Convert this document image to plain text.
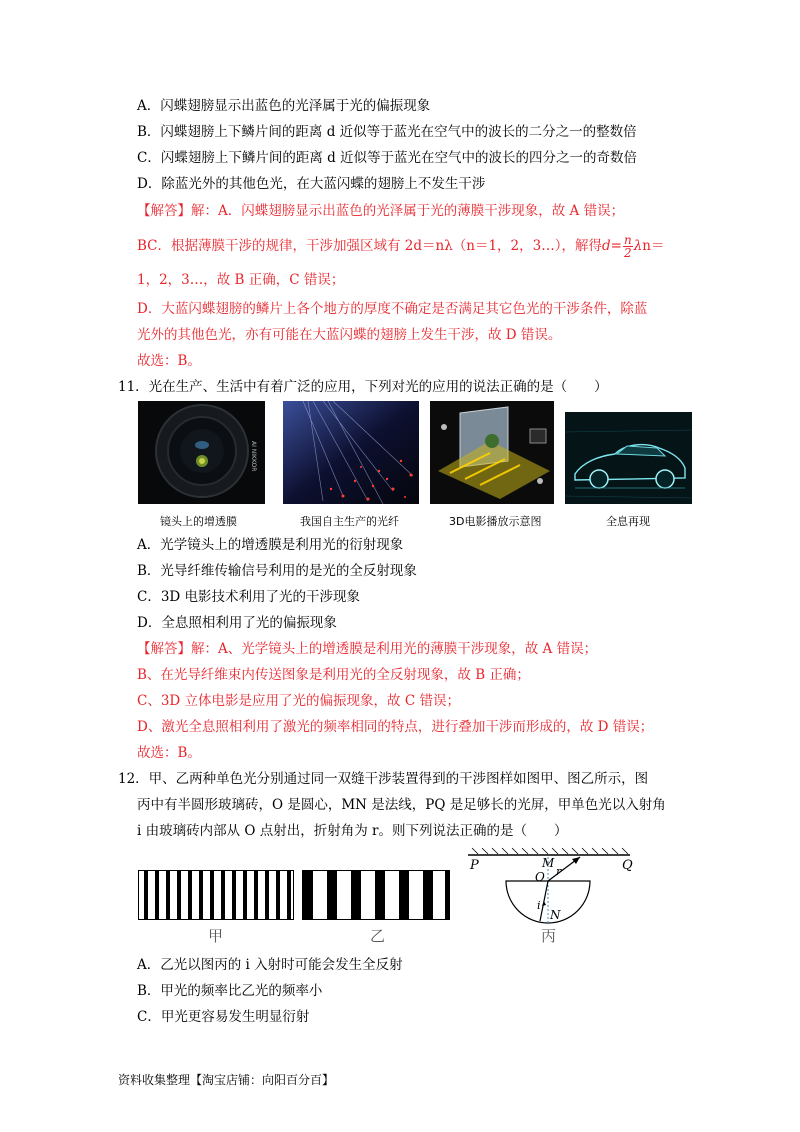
A．闪蝶翅膀显示出蓝色的光泽属于光的偏振现象
B．闪蝶翅膀上下鳞片间的距离 d 近似等于蓝光在空气中的波长的二分之一的整数倍
C．闪蝶翅膀上下鳞片间的距离 d 近似等于蓝光在空气中的波长的四分之一的奇数倍
D．除蓝光外的其他色光，在大蓝闪蝶的翅膀上不发生干涉
【解答】解：A．闪蝶翅膀显示出蓝色的光泽属于光的薄膜干涉现象，故 A 错误；
BC．根据薄膜干涉的规律，干涉加强区域有 2d＝nλ（n＝1，2，3…），解得$d= \frac{n}{2} \lambda n=$
1，2，3…，故 B 正确，C 错误；
D．大蓝闪蝶翅膀的鳞片上各个地方的厚度不确定是否满足其它色光的干涉条件，除蓝
光外的其他色光，亦有可能在大蓝闪蝶的翅膀上发生干涉，故 D 错误。
故选：B。
11．光在生产、生活中有着广泛的应用，下列对光的应用的说法正确的是（　　）
AI NIKKOR
镜头上的增透膜	我国自主生产的光纤	3D电影播放示意图	全息再现
A．光学镜头上的增透膜是利用光的衍射现象
B．光导纤维传输信号利用的是光的全反射现象
C．3D 电影技术利用了光的干涉现象
D．全息照相利用了光的偏振现象
【解答】解：A、光学镜头上的增透膜是利用光的薄膜干涉现象，故 A 错误；
B、在光导纤维束内传送图象是利用光的全反射现象，故 B 正确；
C、3D 立体电影是应用了光的偏振现象，故 C 错误；
D、激光全息照相利用了激光的频率相同的特点，进行叠加干涉而形成的，故 D 错误；
故选：B。
12．甲、乙两种单色光分别通过同一双缝干涉装置得到的干涉图样如图甲、图乙所示，图
丙中有半圆形玻璃砖，O 是圆心，MN 是法线，PQ 是足够长的光屏，甲单色光以入射角
i 由玻璃砖内部从 O 点射出，折射角为 r。则下列说法正确的是（　　）
甲	乙
P	Q
M
r
O
i
N
丙
A．乙光以图丙的 i 入射时可能会发生全反射
B．甲光的频率比乙光的频率小
C．甲光更容易发生明显衍射
资料收集整理【淘宝店铺：向阳百分百】
